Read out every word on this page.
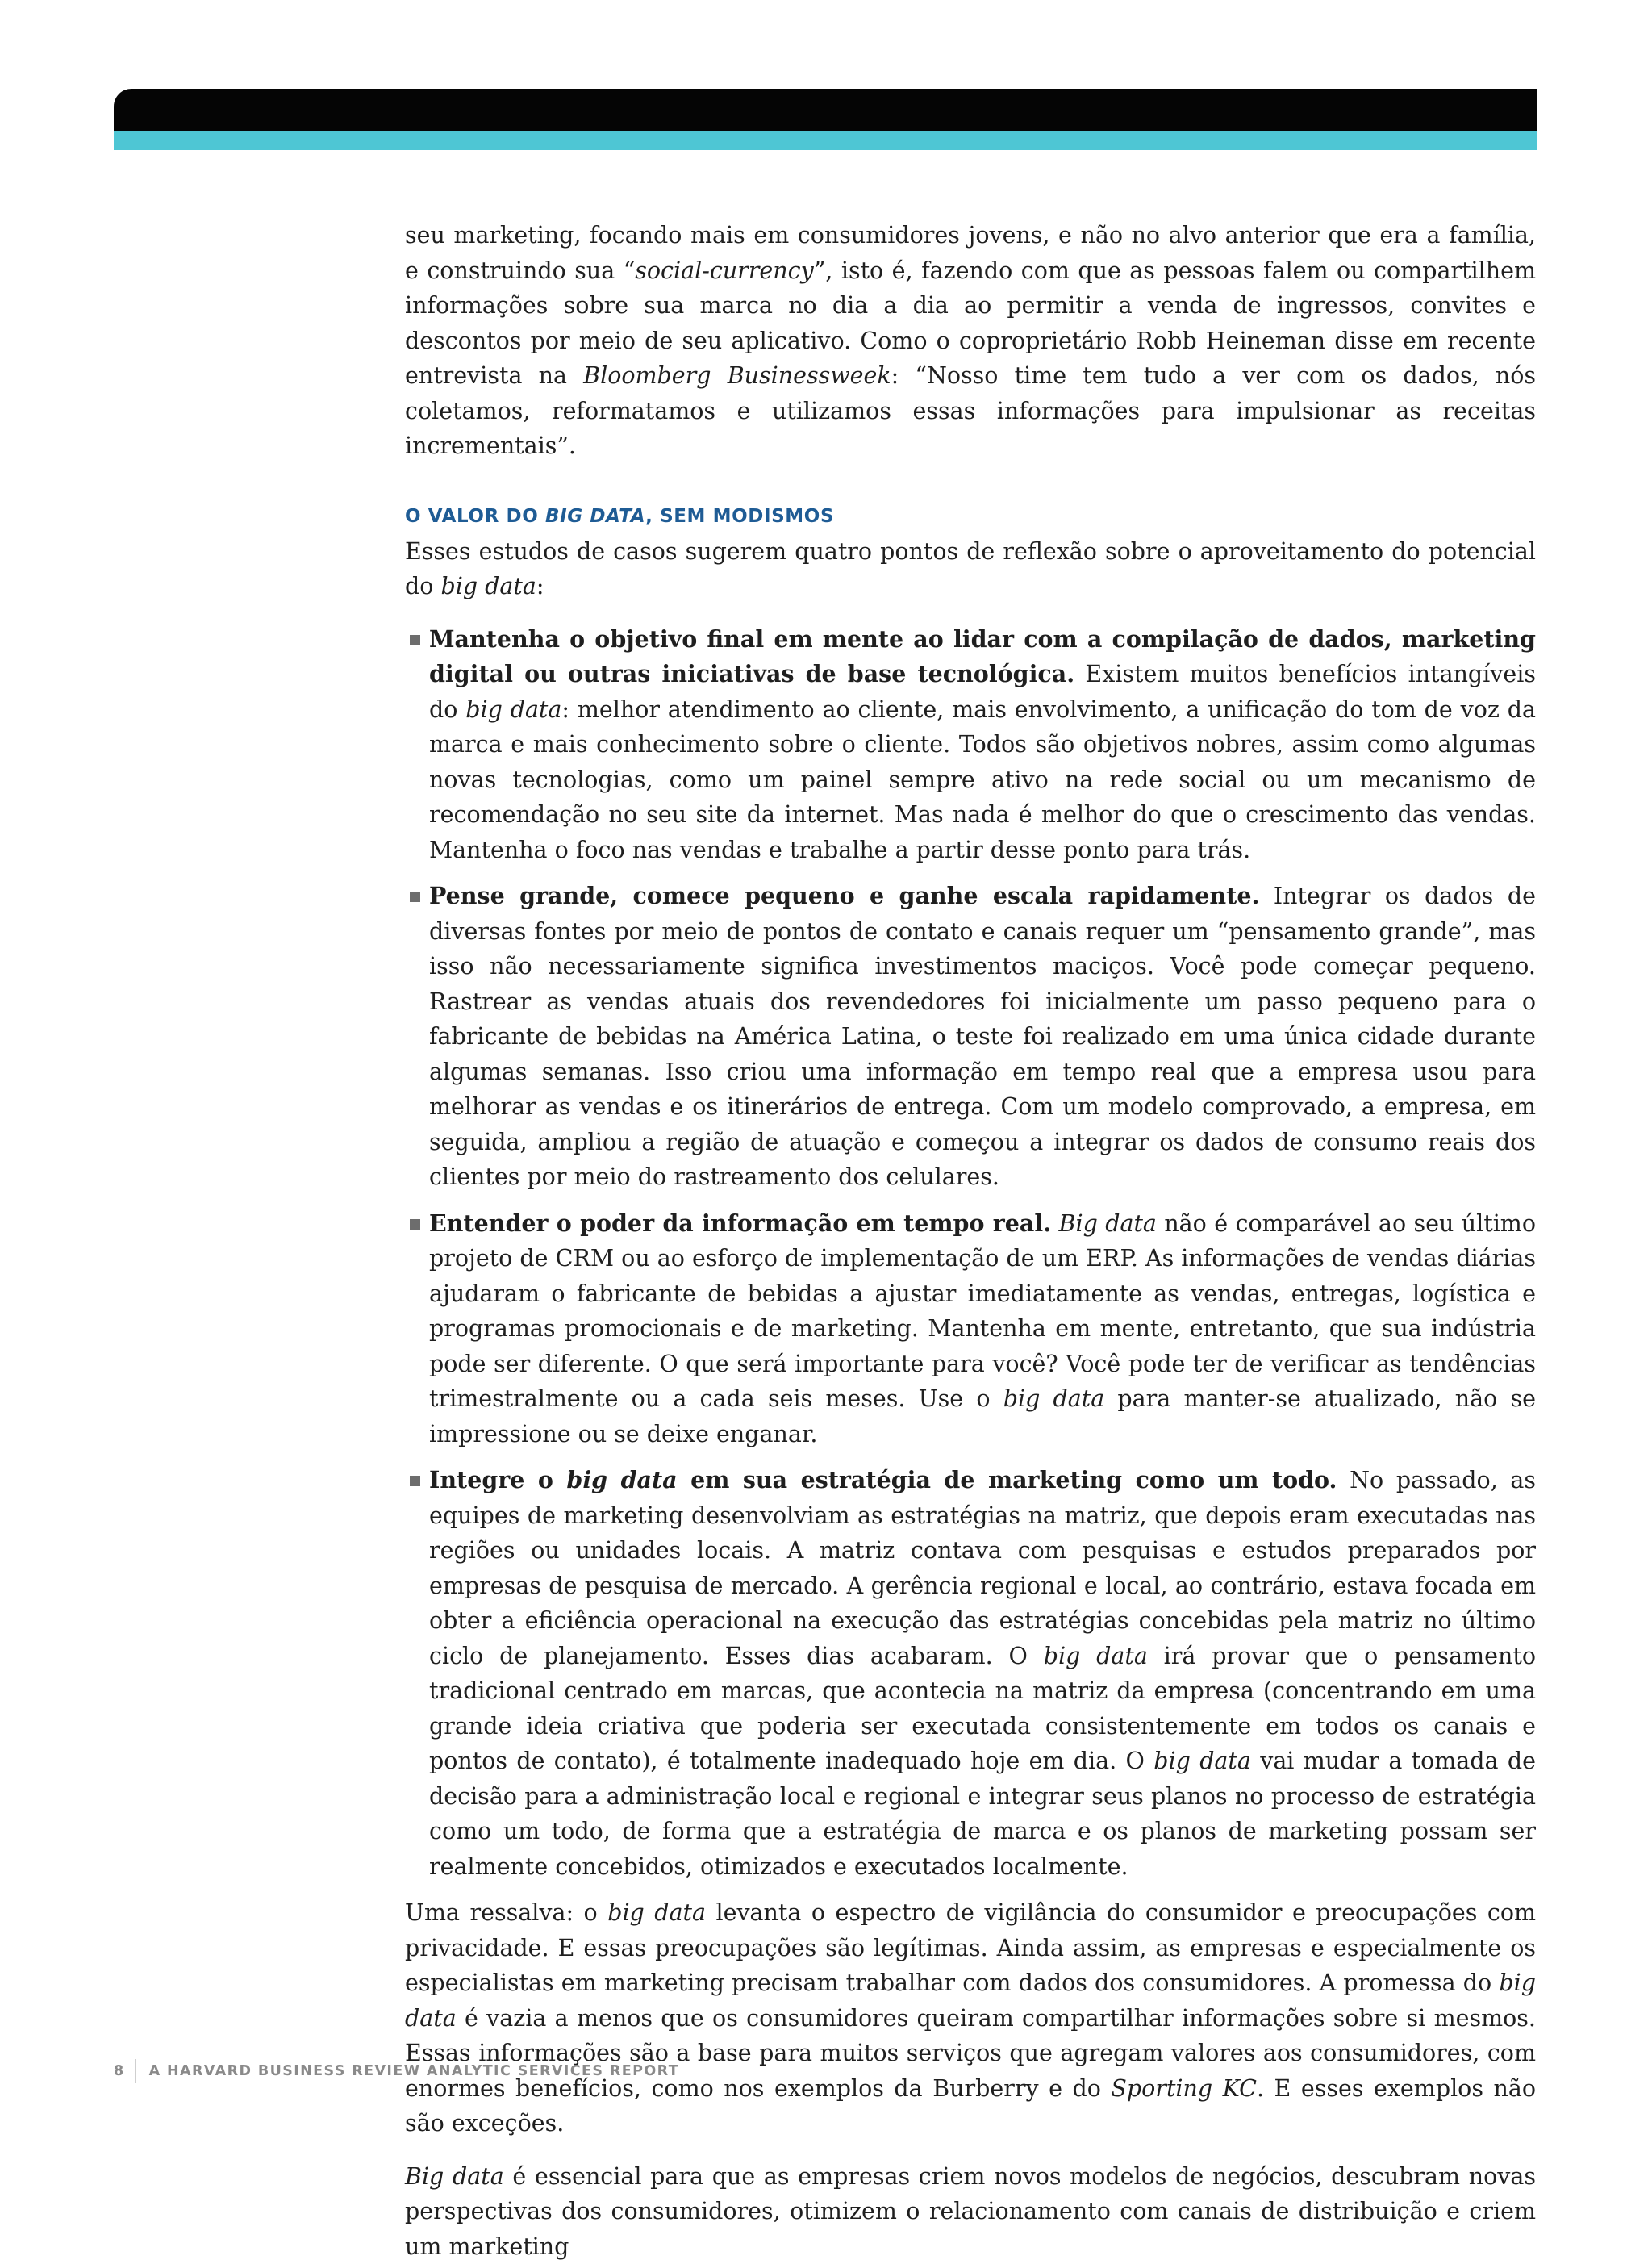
seu marketing, focando mais em consumidores jovens, e não no alvo anterior que era a família, e construindo sua “social-currency”, isto é, fazendo com que as pessoas falem ou compartilhem informações sobre sua marca no dia a dia ao permitir a venda de ingressos, convites e descontos por meio de seu aplicativo. Como o coproprietário Robb Heineman disse em recente entrevista na Bloomberg Businessweek: “Nosso time tem tudo a ver com os dados, nós coletamos, reformatamos e utilizamos essas informações para impulsionar as receitas incrementais”.

O VALOR DO BIG DATA, SEM MODISMOS

Esses estudos de casos sugerem quatro pontos de reflexão sobre o aproveitamento do potencial do big data:

Mantenha o objetivo final em mente ao lidar com a compilação de dados, marketing digital ou outras iniciativas de base tecnológica. Existem muitos benefícios intangíveis do big data: melhor atendimento ao cliente, mais envolvimento, a unificação do tom de voz da marca e mais conhecimento sobre o cliente. Todos são objetivos nobres, assim como algumas novas tecnologias, como um painel sempre ativo na rede social ou um mecanismo de recomendação no seu site da internet. Mas nada é melhor do que o crescimento das vendas. Mantenha o foco nas vendas e trabalhe a partir desse ponto para trás.
Pense grande, comece pequeno e ganhe escala rapidamente. Integrar os dados de diversas fontes por meio de pontos de contato e canais requer um “pensamento grande”, mas isso não necessariamente significa investimentos maciços. Você pode começar pequeno. Rastrear as vendas atuais dos revendedores foi inicialmente um passo pequeno para o fabricante de bebidas na América Latina, o teste foi realizado em uma única cidade durante algumas semanas. Isso criou uma informação em tempo real que a empresa usou para melhorar as vendas e os itinerários de entrega. Com um modelo comprovado, a empresa, em seguida, ampliou a região de atuação e começou a integrar os dados de consumo reais dos clientes por meio do rastreamento dos celulares.
Entender o poder da informação em tempo real. Big data não é comparável ao seu último projeto de CRM ou ao esforço de implementação de um ERP. As informações de vendas diárias ajudaram o fabricante de bebidas a ajustar imediatamente as vendas, entregas, logística e programas promocionais e de marketing. Mantenha em mente, entretanto, que sua indústria pode ser diferente. O que será importante para você? Você pode ter de verificar as tendências trimestralmente ou a cada seis meses. Use o big data para manter-se atualizado, não se impressione ou se deixe enganar.
Integre o big data em sua estratégia de marketing como um todo. No passado, as equipes de marketing desenvolviam as estratégias na matriz, que depois eram executadas nas regiões ou unidades locais. A matriz contava com pesquisas e estudos preparados por empresas de pesquisa de mercado. A gerência regional e local, ao contrário, estava focada em obter a eficiência operacional na execução das estratégias concebidas pela matriz no último ciclo de planejamento. Esses dias acabaram. O big data irá provar que o pensamento tradicional centrado em marcas, que acontecia na matriz da empresa (concentrando em uma grande ideia criativa que poderia ser executada consistentemente em todos os canais e pontos de contato), é totalmente inadequado hoje em dia. O big data vai mudar a tomada de decisão para a administração local e regional e integrar seus planos no processo de estratégia como um todo, de forma que a estratégia de marca e os planos de marketing possam ser realmente concebidos, otimizados e executados localmente.

Uma ressalva: o big data levanta o espectro de vigilância do consumidor e preocupações com privacidade. E essas preocupações são legítimas. Ainda assim, as empresas e especialmente os especialistas em marketing precisam trabalhar com dados dos consumidores. A promessa do big data é vazia a menos que os consumidores queiram compartilhar informações sobre si mesmos. Essas informações são a base para muitos serviços que agregam valores aos consumidores, com enormes benefícios, como nos exemplos da Burberry e do Sporting KC. E esses exemplos não são exceções.

Big data é essencial para que as empresas criem novos modelos de negócios, descubram novas perspectivas dos consumidores, otimizem o relacionamento com canais de distribuição e criem um marketing

8 A HARVARD BUSINESS REVIEW ANALYTIC SERVICES REPORT
